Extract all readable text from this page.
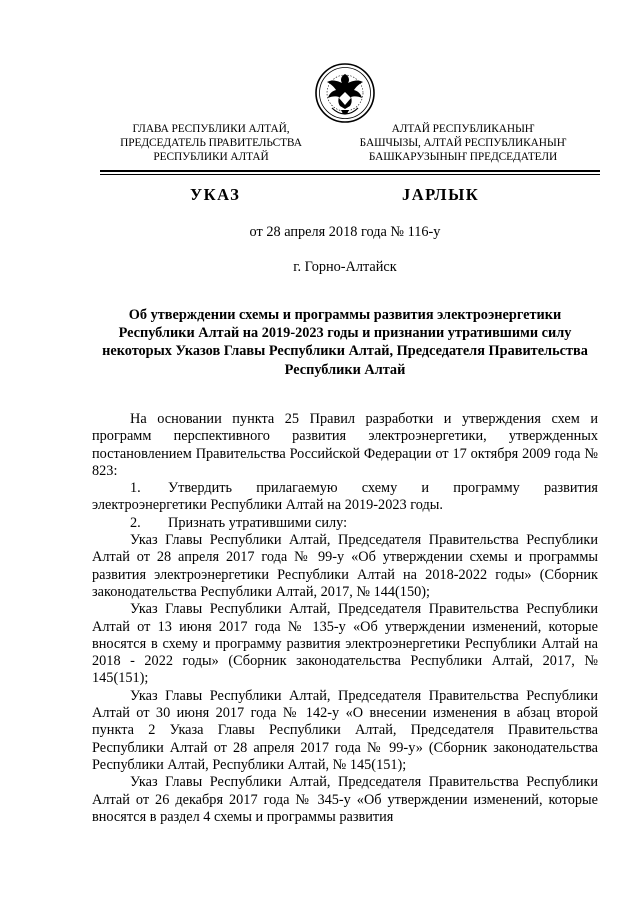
ГЛАВА РЕСПУБЛИКИ АЛТАЙ,
ПРЕДСЕДАТЕЛЬ ПРАВИТЕЛЬСТВА
РЕСПУБЛИКИ АЛТАЙ
АЛТАЙ РЕСПУБЛИКАНЫҤ
БАШЧЫЗЫ, АЛТАЙ РЕСПУБЛИКАНЫҤ
БАШКАРУЗЫНЫҤ ПРЕДСЕДАТЕЛИ
УКАЗ	JАРЛЫК
от 28 апреля 2018 года № 116-у
г. Горно-Алтайск
Об утверждении схемы и программы развития электроэнергетики Республики Алтай на 2019-2023 годы и признании утратившими силу некоторых Указов Главы Республики Алтай, Председателя Правительства Республики Алтай

На основании пункта 25 Правил разработки и утверждения схем и программ перспективного развития электроэнергетики, утвержденных постановлением Правительства Российской Федерации от 17 октября 2009 года № 823:

1. Утвердить прилагаемую схему и программу развития электроэнергетики Республики Алтай на 2019-2023 годы.

2. Признать утратившими силу:

Указ Главы Республики Алтай, Председателя Правительства Республики Алтай от 28 апреля 2017 года № 99-у «Об утверждении схемы и программы развития электроэнергетики Республики Алтай на 2018-2022 годы» (Сборник законодательства Республики Алтай, 2017, № 144(150);

Указ Главы Республики Алтай, Председателя Правительства Республики Алтай от 13 июня 2017 года № 135-у «Об утверждении изменений, которые вносятся в схему и программу развития электроэнергетики Республики Алтай на 2018 - 2022 годы» (Сборник законодательства Республики Алтай, 2017, № 145(151);

Указ Главы Республики Алтай, Председателя Правительства Республики Алтай от 30 июня 2017 года № 142-у «О внесении изменения в абзац второй пункта 2 Указа Главы Республики Алтай, Председателя Правительства Республики Алтай от 28 апреля 2017 года № 99-у» (Сборник законодательства Республики Алтай, Республики Алтай, № 145(151);

Указ Главы Республики Алтай, Председателя Правительства Республики Алтай от 26 декабря 2017 года № 345-у «Об утверждении изменений, которые вносятся в раздел 4 схемы и программы развития
